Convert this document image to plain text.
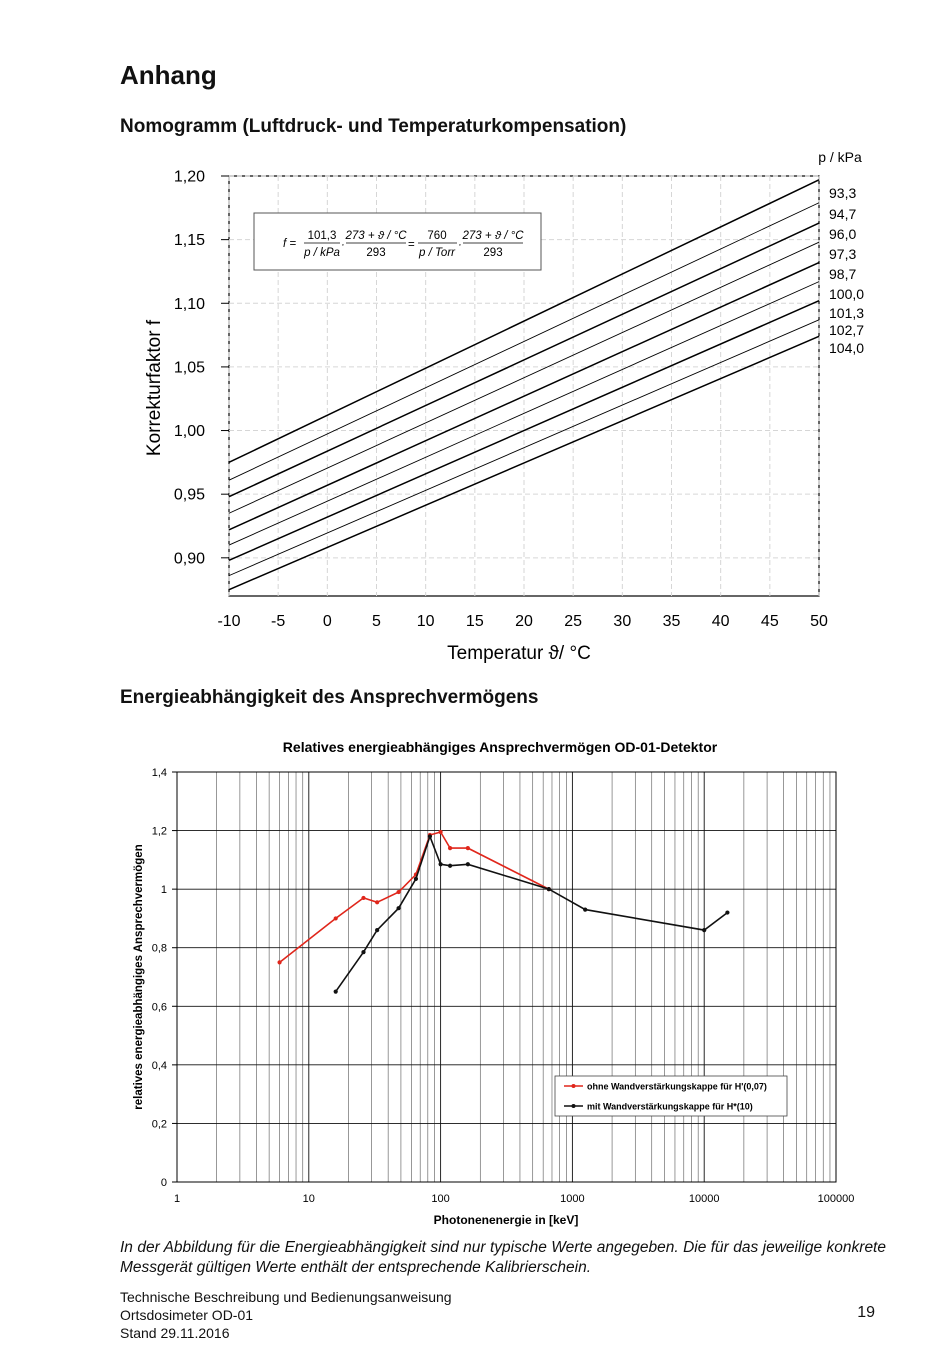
Anhang
Nomogramm (Luftdruck- und Temperaturkompensation)
-10 -5 0	5 10 15 20 25 30 35 40 45 50
0,90
0,95
1,00
1,05
1,10
1,15
1,20
93,3
94,7
96,0
97,3
98,7
100,0
101,3
102,7
104,0
p / kPa
Temperatur ϑ/ °C
Korrekturfaktor f
f =
101,3
p / kPa
·
273 + ϑ / °C
293
=
760
p / Torr
·
273 + ϑ / °C
293
Energieabhängigkeit des Ansprechvermögens
Relatives energieabhängiges Ansprechvermögen OD-01-Detektor
1	10	100	1000	10000	100000
0
0,2
0,4
0,6
0,8
1
1,2
1,4
Photonenenergie in [keV]
relatives energieabhängiges Ansprechvermögen	ohne Wandverstärkungskappe für H'(0,07)
mit Wandverstärkungskappe für H*(10)

In der Abbildung für die Energieabhängigkeit sind nur typische Werte angegeben. Die für das jeweilige konkrete Messgerät gültigen Werte enthält der entsprechende Kalibrierschein.

Technische Beschreibung und Bedienungsanweisung
Ortsdosimeter OD-01
Stand 29.11.2016
19
